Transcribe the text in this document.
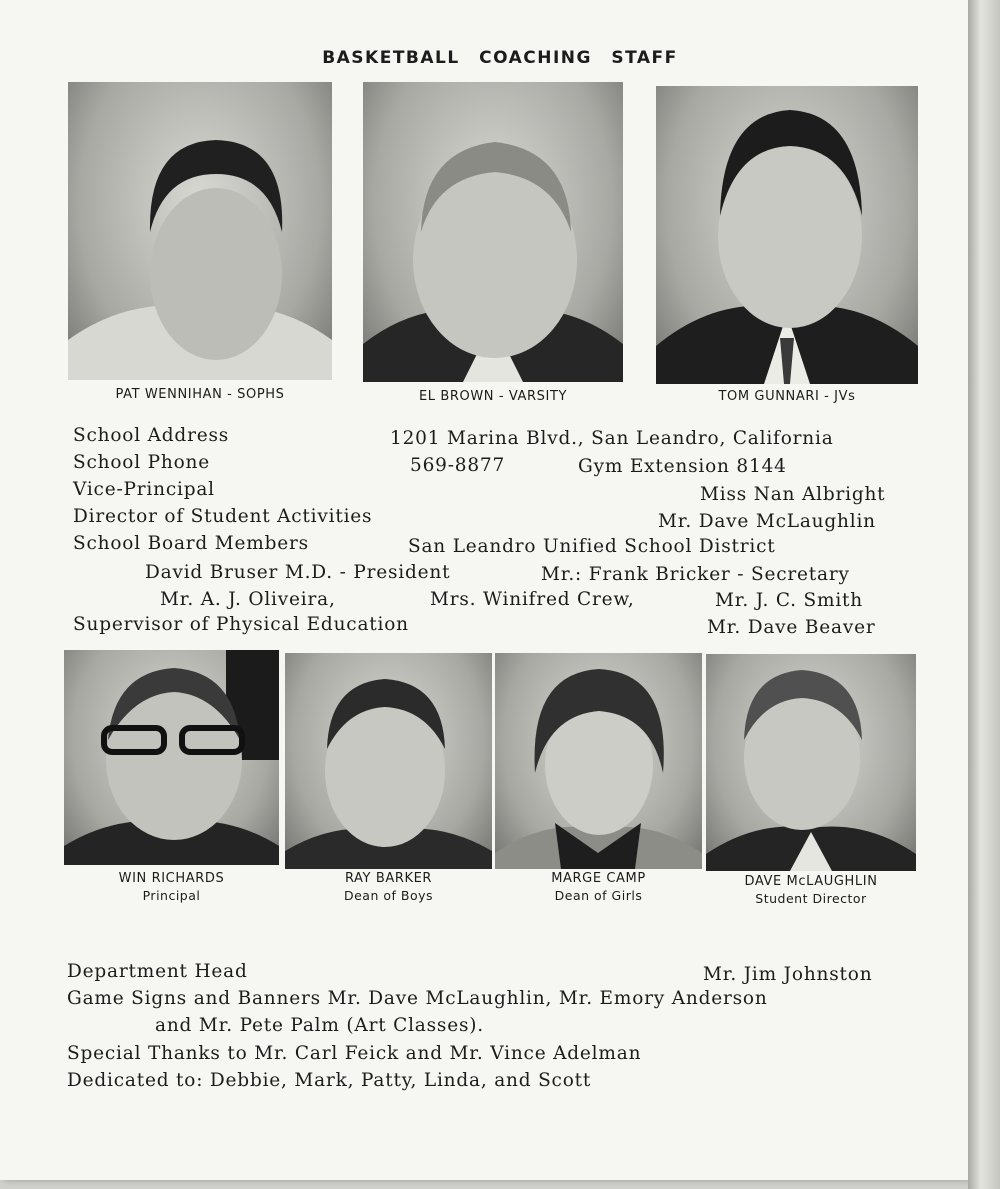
BASKETBALL COACHING STAFF
PAT WENNIHAN - SOPHS	EL BROWN - VARSITY	TOM GUNNARI - JVs
School Address	1201 Marina Blvd., San Leandro, California
School Phone	569-8877	Gym Extension 8144
Vice-Principal	Miss Nan Albright
Director of Student Activities	Mr. Dave McLaughlin
School Board Members	San Leandro Unified School District
David Bruser M.D. - President	Mr.: Frank Bricker - Secretary
Mr. A. J. Oliveira,	Mrs. Winifred Crew,	Mr. J. C. Smith
Supervisor of Physical Education	Mr. Dave Beaver
WIN RICHARDS
Principal
RAY BARKER
Dean of Boys
MARGE CAMP
Dean of Girls
DAVE McLAUGHLIN
Student Director
Department Head	Mr. Jim Johnston
Game Signs and Banners Mr. Dave McLaughlin, Mr. Emory Anderson
and Mr. Pete Palm (Art Classes).
Special Thanks to Mr. Carl Feick and Mr. Vince Adelman
Dedicated to: Debbie, Mark, Patty, Linda, and Scott
